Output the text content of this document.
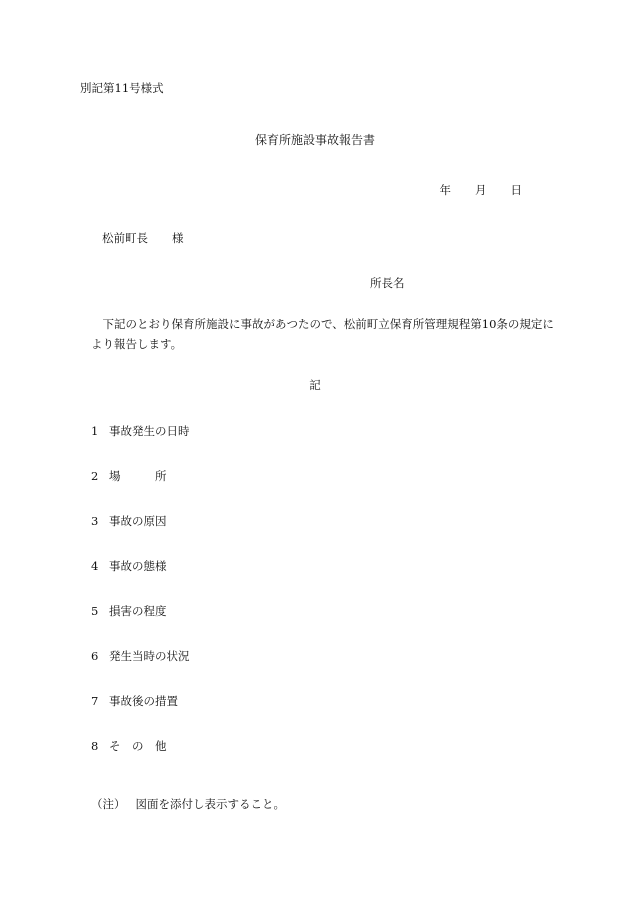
別記第11号様式
保育所施設事故報告書
年 月 日
松前町長 様
所長名
下記のとおり保育所施設に事故があつたので、松前町立保育所管理規程第10条の規定により報告します。
記
1 事故発生の日時
2 場　　　所
3 事故の原因
4 事故の態様
5 損害の程度
6 発生当時の状況
7 事故後の措置
8 そ　の　他
（注） 図面を添付し表示すること。
